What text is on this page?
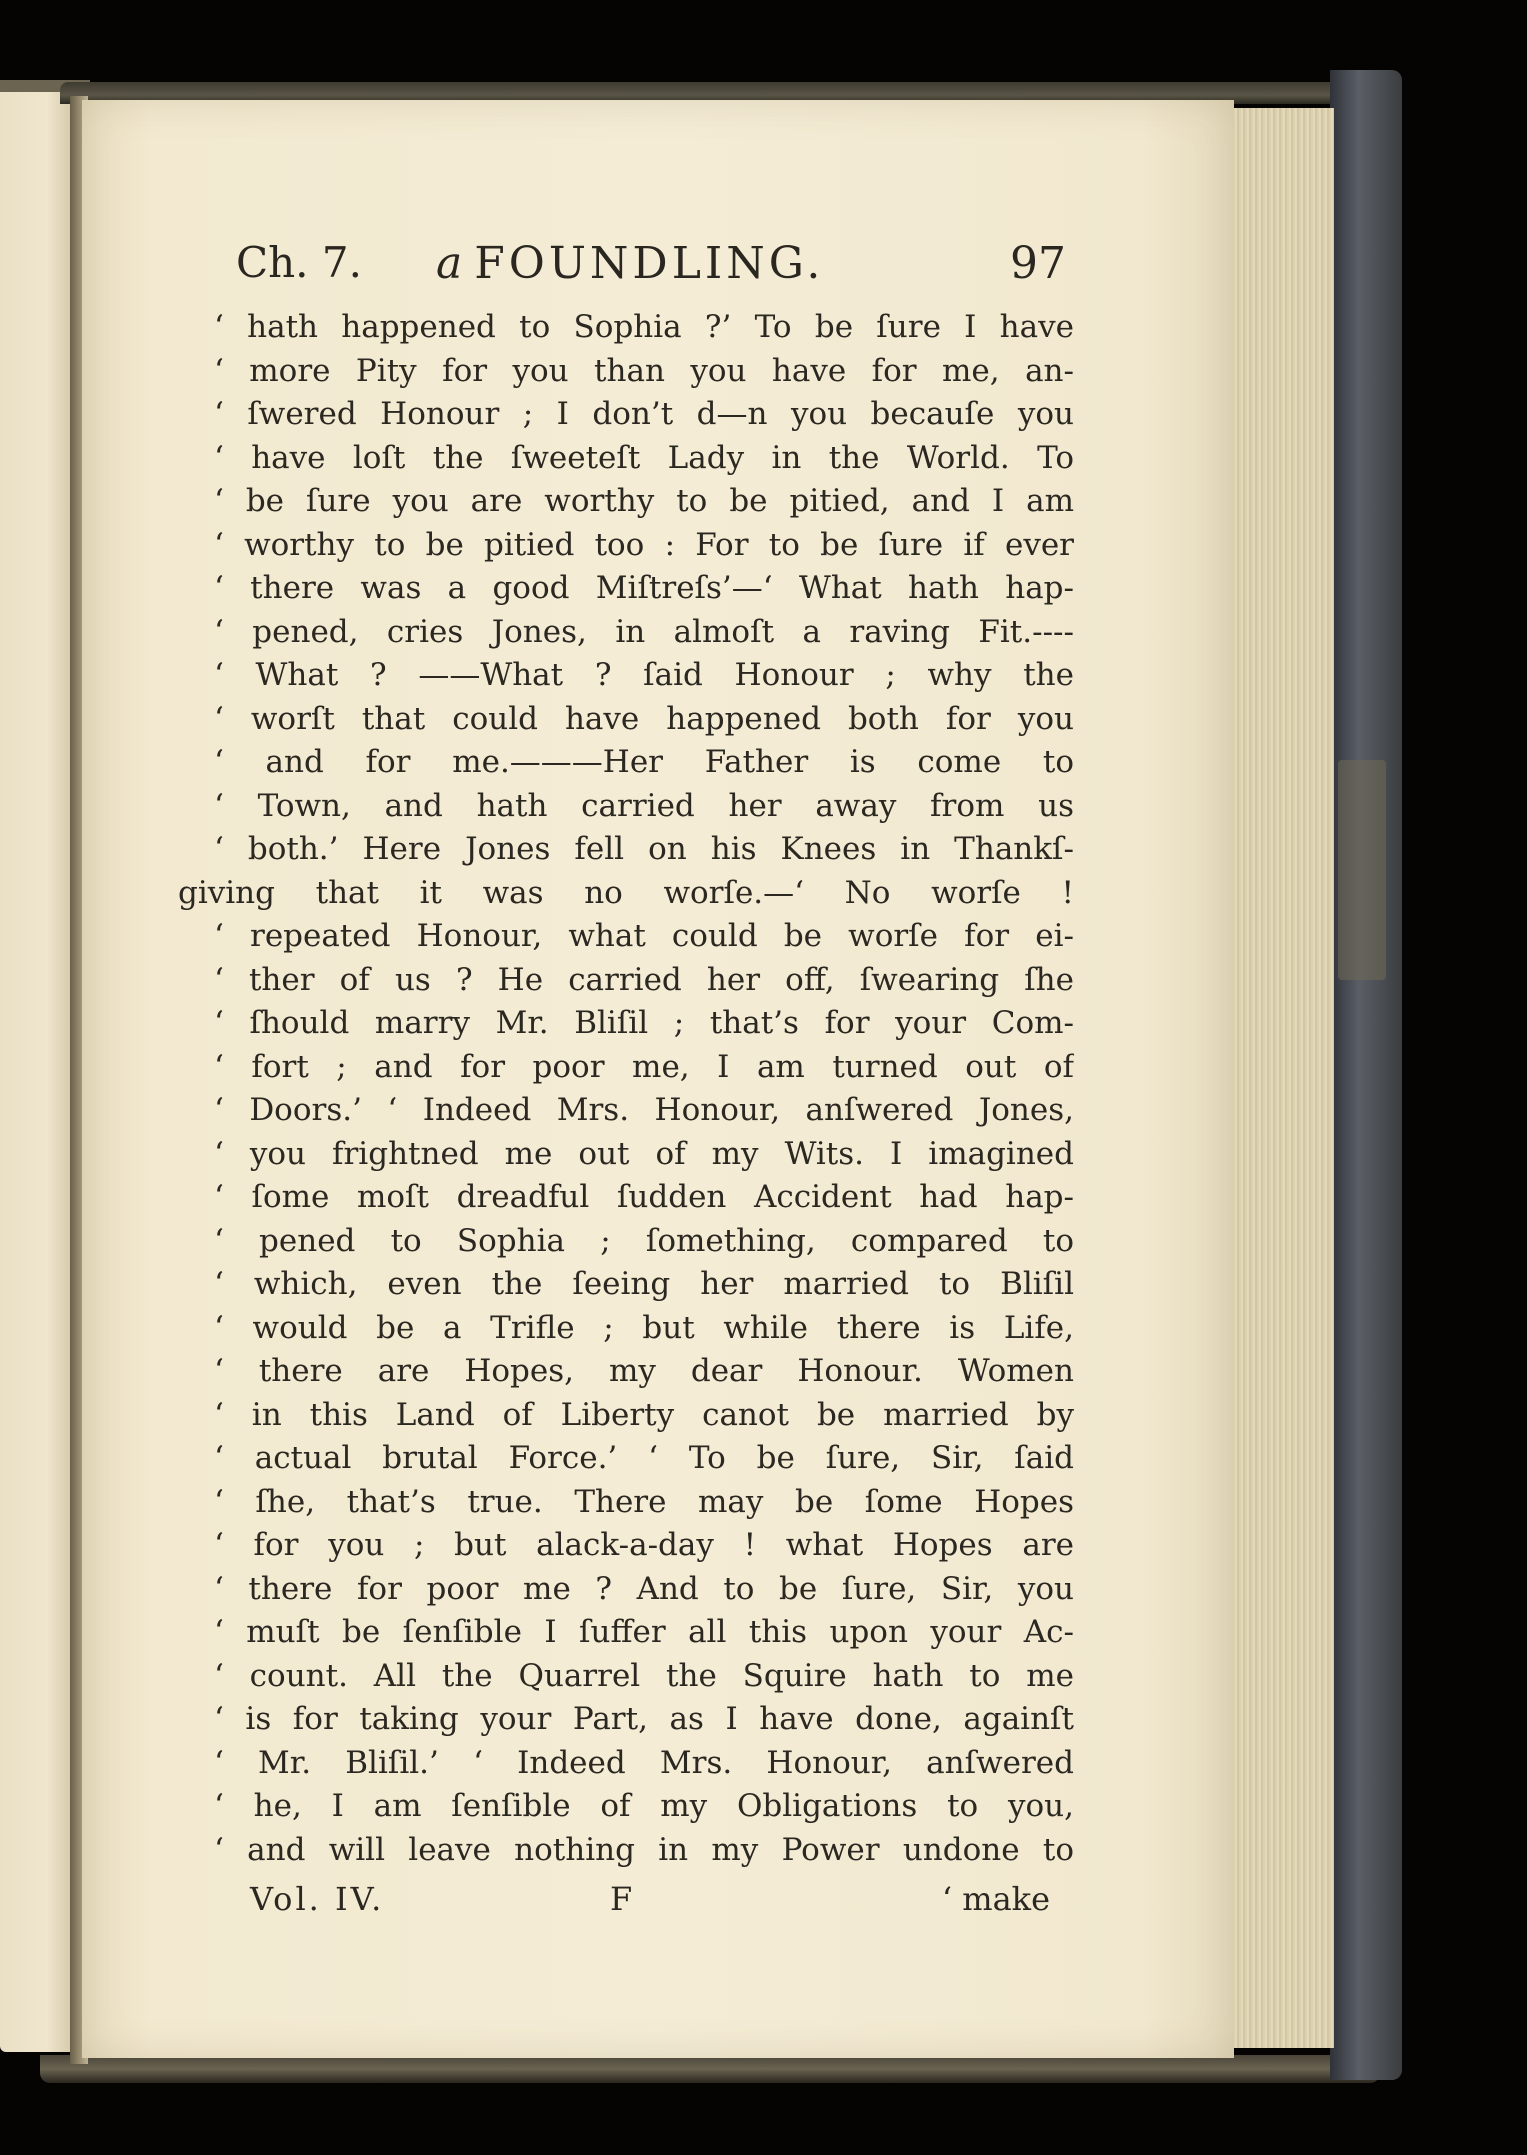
Ch. 7. a FOUNDLING.	97
‘ hath happened to Sophia ?’ To be ſure I have
‘ more Pity for you than you have for me, an-
‘ ſwered Honour ; I don’t d—n you becauſe you
‘ have loſt the ſweeteſt Lady in the World. To
‘ be ſure you are worthy to be pitied, and I am
‘ worthy to be pitied too : For to be ſure if ever
‘ there was a good Miſtreſs’—‘ What hath hap-
‘ pened, cries Jones, in almoſt a raving Fit.----
‘ What ? ——What ? ſaid Honour ; why the
‘ worſt that could have happened both for you
‘ and for me.———Her Father is come to
‘ Town, and hath carried her away from us
‘ both.’ Here Jones fell on his Knees in Thankſ-
giving that it was no worſe.—‘ No worſe !
‘ repeated Honour, what could be worſe for ei-
‘ ther of us ? He carried her off, ſwearing ſhe
‘ ſhould marry Mr. Bliſil ; that’s for your Com-
‘ fort ; and for poor me, I am turned out of
‘ Doors.’ ‘ Indeed Mrs. Honour, anſwered Jones,
‘ you frightned me out of my Wits. I imagined
‘ ſome moſt dreadful ſudden Accident had hap-
‘ pened to Sophia ; ſomething, compared to
‘ which, even the ſeeing her married to Bliſil
‘ would be a Trifle ; but while there is Life,
‘ there are Hopes, my dear Honour. Women
‘ in this Land of Liberty canot be married by
‘ actual brutal Force.’ ‘ To be ſure, Sir, ſaid
‘ ſhe, that’s true. There may be ſome Hopes
‘ for you ; but alack-a-day ! what Hopes are
‘ there for poor me ? And to be ſure, Sir, you
‘ muſt be ſenſible I ſuffer all this upon your Ac-
‘ count. All the Quarrel the Squire hath to me
‘ is for taking your Part, as I have done, againſt
‘ Mr. Bliſil.’ ‘ Indeed Mrs. Honour, anſwered
‘ he, I am ſenſible of my Obligations to you,
‘ and will leave nothing in my Power undone to
Vol. IV.	F	‘ make
